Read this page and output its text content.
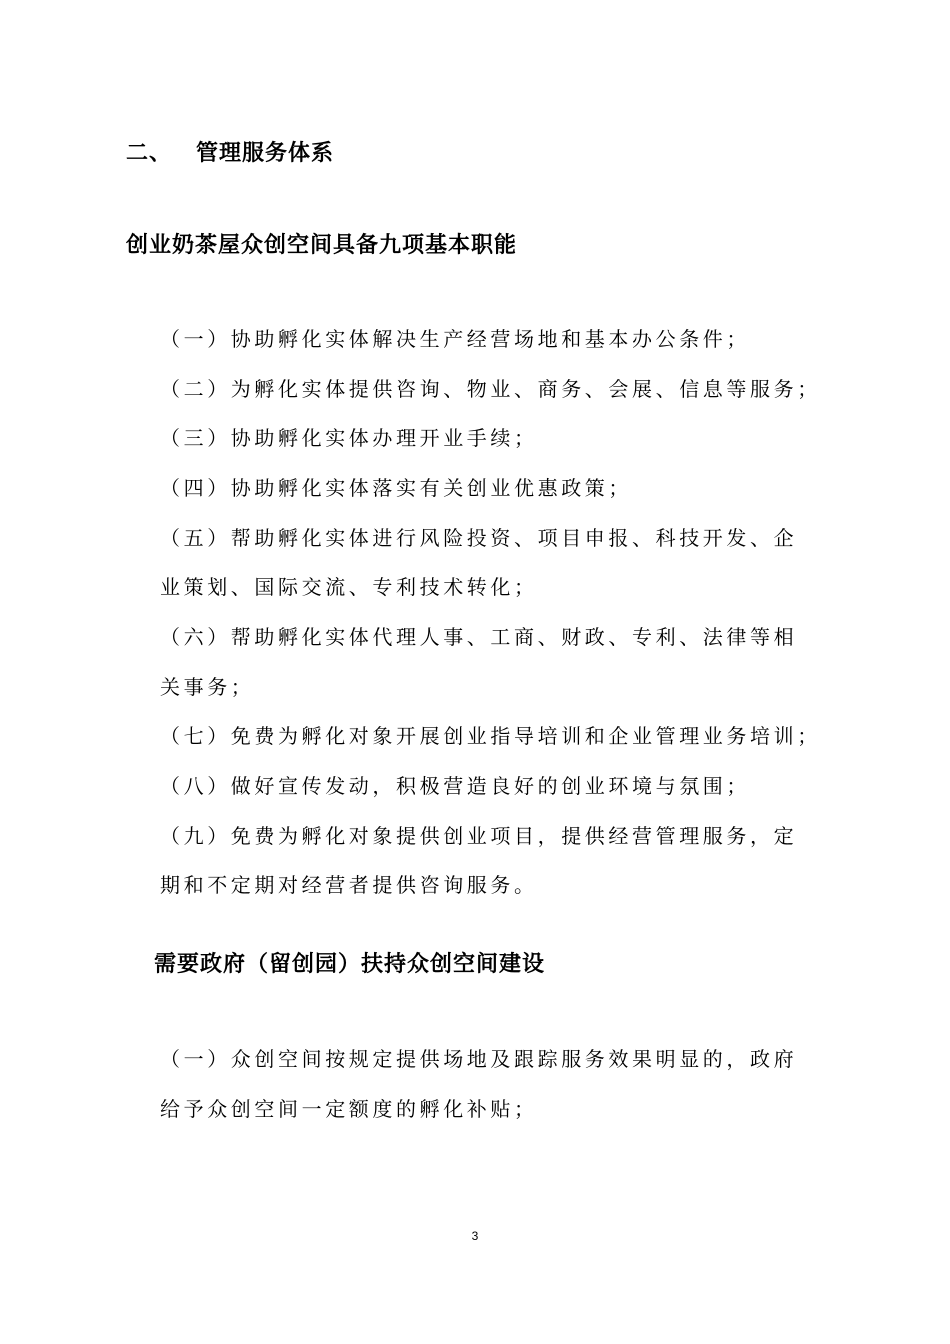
二、 管理服务体系
创业奶茶屋众创空间具备九项基本职能
（一）协助孵化实体解决生产经营场地和基本办公条件；
（二）为孵化实体提供咨询、物业、商务、会展、信息等服务；
（三）协助孵化实体办理开业手续；
（四）协助孵化实体落实有关创业优惠政策；
（五）帮助孵化实体进行风险投资、项目申报、科技开发、企
业策划、国际交流、专利技术转化；
（六）帮助孵化实体代理人事、工商、财政、专利、法律等相
关事务；
（七）免费为孵化对象开展创业指导培训和企业管理业务培训；
（八）做好宣传发动，积极营造良好的创业环境与氛围；
（九）免费为孵化对象提供创业项目，提供经营管理服务，定
期和不定期对经营者提供咨询服务。
需要政府（留创园）扶持众创空间建设
（一）众创空间按规定提供场地及跟踪服务效果明显的，政府
给予众创空间一定额度的孵化补贴；
3
